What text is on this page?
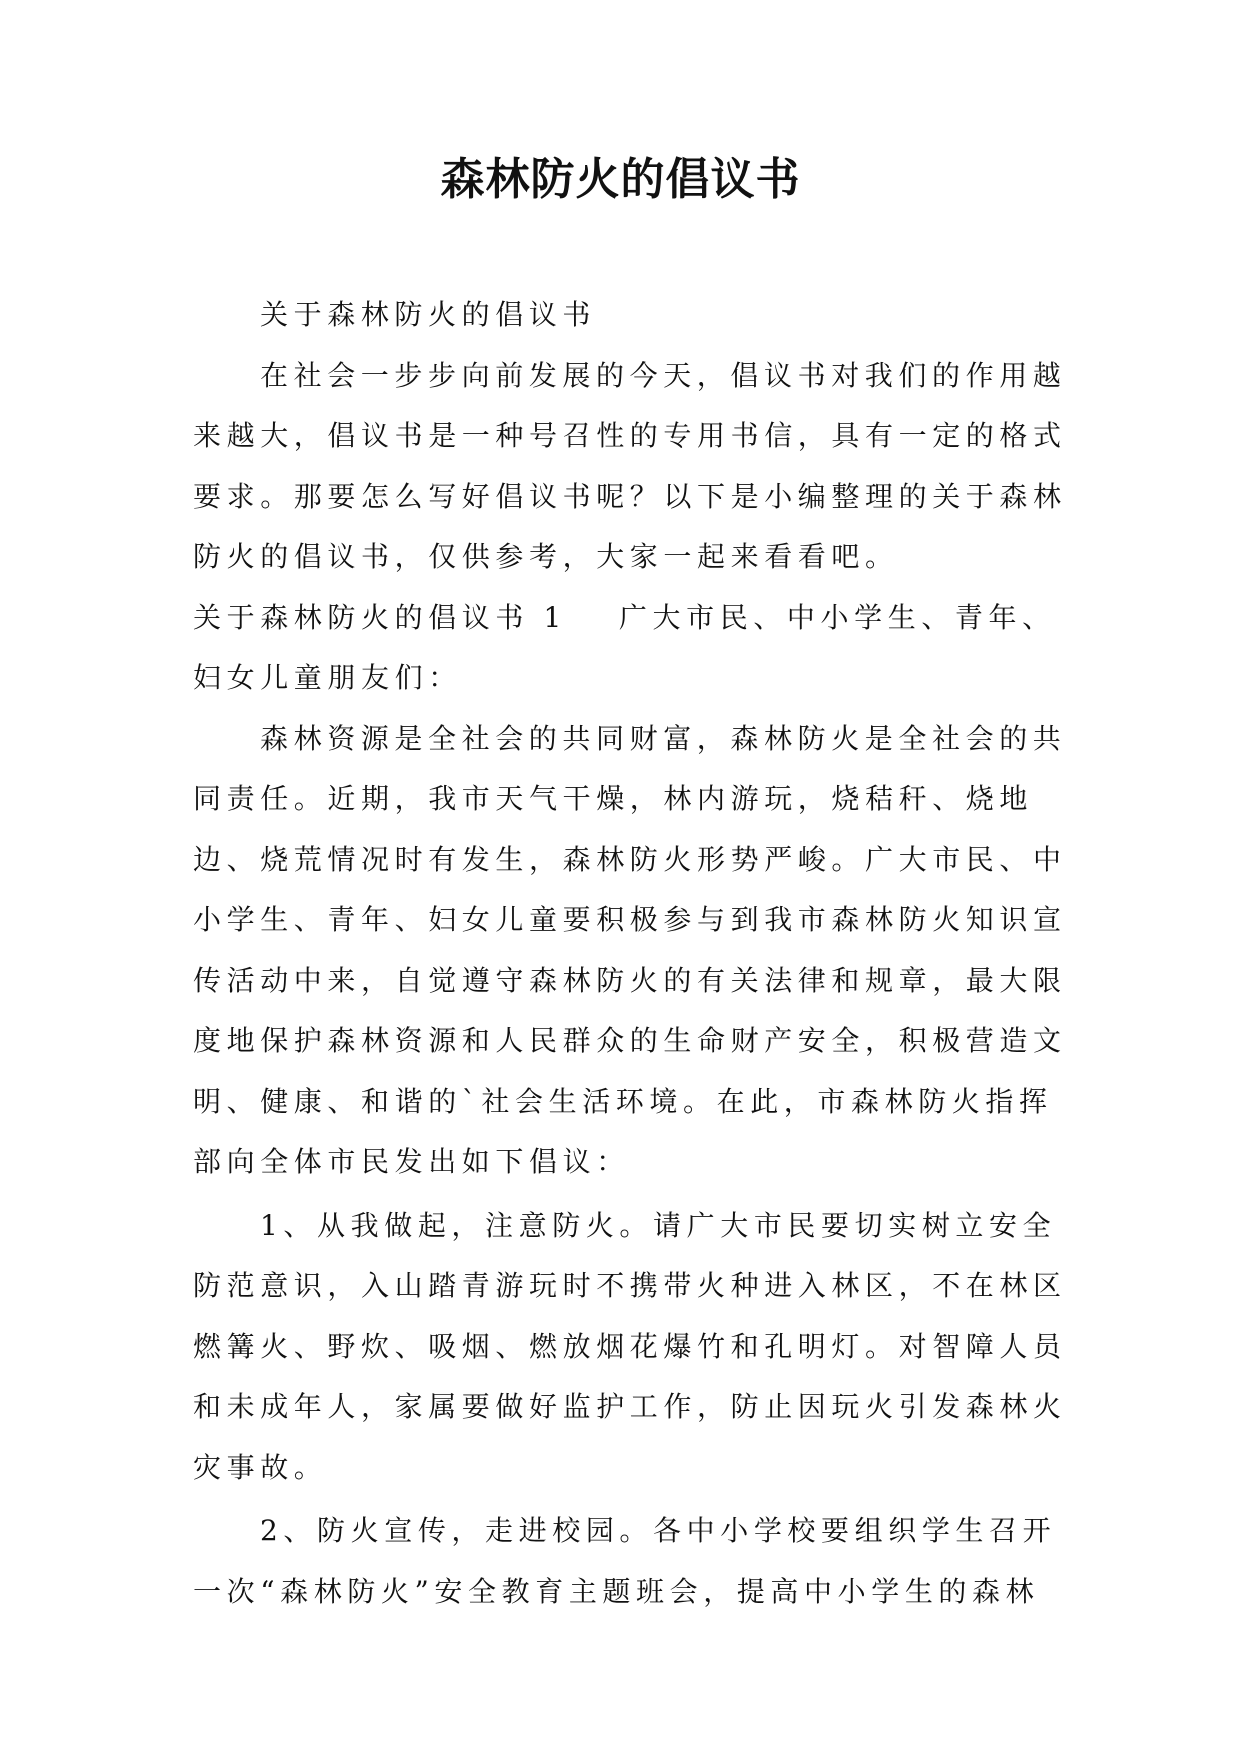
森林防火的倡议书

关于森林防火的倡议书

在社会一步步向前发展的今天，倡议书对我们的作用越来越大，倡议书是一种号召性的专用书信，具有一定的格式要求。那要怎么写好倡议书呢？以下是小编整理的关于森林防火的倡议书，仅供参考，大家一起来看看吧。

关于森林防火的倡议书 1 广大市民、中小学生、青年、妇女儿童朋友们：

森林资源是全社会的共同财富，森林防火是全社会的共同责任。近期，我市天气干燥，林内游玩，烧秸秆、烧地边、烧荒情况时有发生，森林防火形势严峻。广大市民、中小学生、青年、妇女儿童要积极参与到我市森林防火知识宣传活动中来，自觉遵守森林防火的有关法律和规章，最大限度地保护森林资源和人民群众的生命财产安全，积极营造文明、健康、和谐的`社会生活环境。在此，市森林防火指挥部向全体市民发出如下倡议：

1、从我做起，注意防火。请广大市民要切实树立安全防范意识，入山踏青游玩时不携带火种进入林区，不在林区燃篝火、野炊、吸烟、燃放烟花爆竹和孔明灯。对智障人员和未成年人，家属要做好监护工作，防止因玩火引发森林火灾事故。

2、防火宣传，走进校园。各中小学校要组织学生召开一次“森林防火”安全教育主题班会，提高中小学生的森林
